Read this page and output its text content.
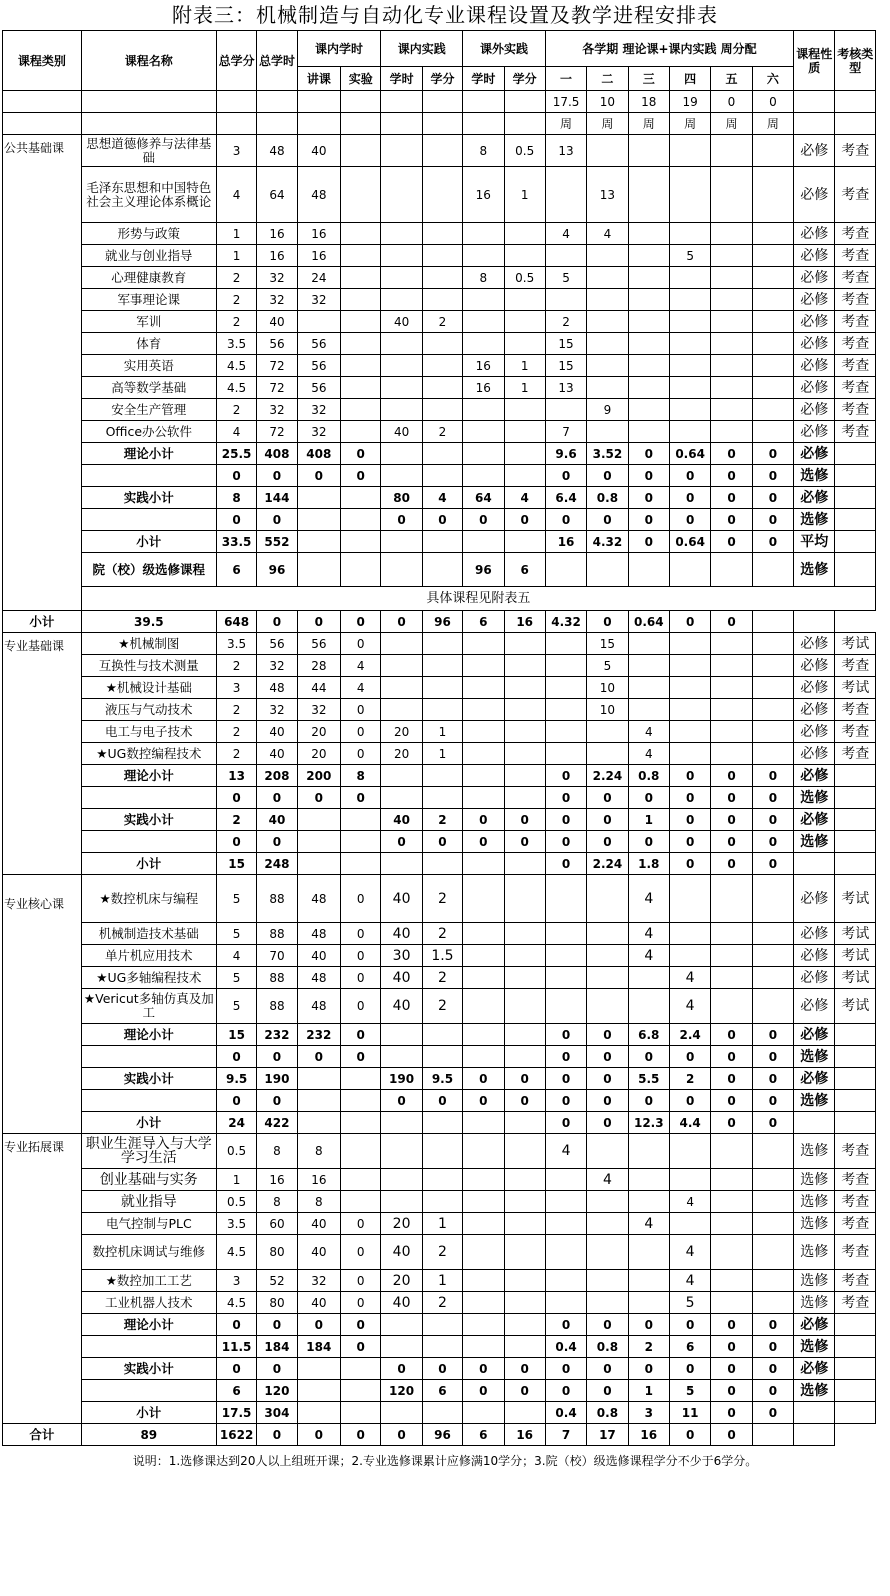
附表三：机械制造与自动化专业课程设置及教学进程安排表
课程类别	课程名称	总学分	总学时	课内学时		课内实践		课外实践		各学期 理论课+课内实践 周分配						课程性质	考核类型
				讲课	实验	学时	学分	学时	学分	一	二	三	四	五	六		
										17.5	10	18	19	0	0		
										周	周	周	周	周	周		
公共基础课	思想道德修养与法律基础	3	48	40				8	0.5	13						必修	考查
	毛泽东思想和中国特色社会主义理论体系概论	4	64	48				16	1		13					必修	考查
	形势与政策	1	16	16						4	4					必修	考查
	就业与创业指导	1	16	16									5			必修	考查
	心理健康教育	2	32	24				8	0.5	5						必修	考查
	军事理论课	2	32	32												必修	考查
	军训	2	40			40	2			2						必修	考查
	体育	3.5	56	56						15						必修	考查
	实用英语	4.5	72	56				16	1	15						必修	考查
	高等数学基础	4.5	72	56				16	1	13						必修	考查
	安全生产管理	2	32	32							9					必修	考查
	Office办公软件	4	72	32		40	2			7						必修	考查
	理论小计	25.5	408	408	0					9.6	3.52	0	0.64	0	0	必修	
		0	0	0	0					0	0	0	0	0	0	选修	
	实践小计	8	144			80	4	64	4	6.4	0.8	0	0	0	0	必修	
		0	0			0	0	0	0	0	0	0	0	0	0	选修	
	小计	33.5	552							16	4.32	0	0.64	0	0	平均	
	院（校）级选修课程	6	96					96	6							选修	
	具体课程见附表五																
小计	39.5	648	0	0	0	0	96	6	16	4.32	0	0.64	0	0			
专业基础课	★机械制图	3.5	56	56	0						15					必修	考试
	互换性与技术测量	2	32	28	4						5					必修	考查
	★机械设计基础	3	48	44	4						10					必修	考试
	液压与气动技术	2	32	32	0						10					必修	考查
	电工与电子技术	2	40	20	0	20	1					4				必修	考查
	★UG数控编程技术	2	40	20	0	20	1					4				必修	考查
	理论小计	13	208	200	8					0	2.24	0.8	0	0	0	必修	
		0	0	0	0					0	0	0	0	0	0	选修	
	实践小计	2	40			40	2	0	0	0	0	1	0	0	0	必修	
		0	0			0	0	0	0	0	0	0	0	0	0	选修	
	小计	15	248							0	2.24	1.8	0	0	0		
专业核心课	★数控机床与编程	5	88	48	0	40	2					4				必修	考试
	机械制造技术基础	5	88	48	0	40	2					4				必修	考试
	单片机应用技术	4	70	40	0	30	1.5					4				必修	考试
	★UG多轴编程技术	5	88	48	0	40	2						4			必修	考试
	★Vericut多轴仿真及加工	5	88	48	0	40	2						4			必修	考试
	理论小计	15	232	232	0					0	0	6.8	2.4	0	0	必修	
		0	0	0	0					0	0	0	0	0	0	选修	
	实践小计	9.5	190			190	9.5	0	0	0	0	5.5	2	0	0	必修	
		0	0			0	0	0	0	0	0	0	0	0	0	选修	
	小计	24	422							0	0	12.3	4.4	0	0		
专业拓展课	职业生涯导入与大学学习生活	0.5	8	8						4						选修	考查
	创业基础与实务	1	16	16							4					选修	考查
	就业指导	0.5	8	8									4			选修	考查
	电气控制与PLC	3.5	60	40	0	20	1					4				选修	考查
	数控机床调试与维修	4.5	80	40	0	40	2						4			选修	考查
	★数控加工工艺	3	52	32	0	20	1						4			选修	考查
	工业机器人技术	4.5	80	40	0	40	2						5			选修	考查
	理论小计	0	0	0	0					0	0	0	0	0	0	必修	
		11.5	184	184	0					0.4	0.8	2	6	0	0	选修	
	实践小计	0	0			0	0	0	0	0	0	0	0	0	0	必修	
		6	120			120	6	0	0	0	0	1	5	0	0	选修	
	小计	17.5	304							0.4	0.8	3	11	0	0		
合计	89	1622	0	0	0	0	96	6	16	7	17	16	0	0			
说明：1.选修课达到20人以上组班开课；2.专业选修课累计应修满10学分；3.院（校）级选修课程学分不少于6学分。
